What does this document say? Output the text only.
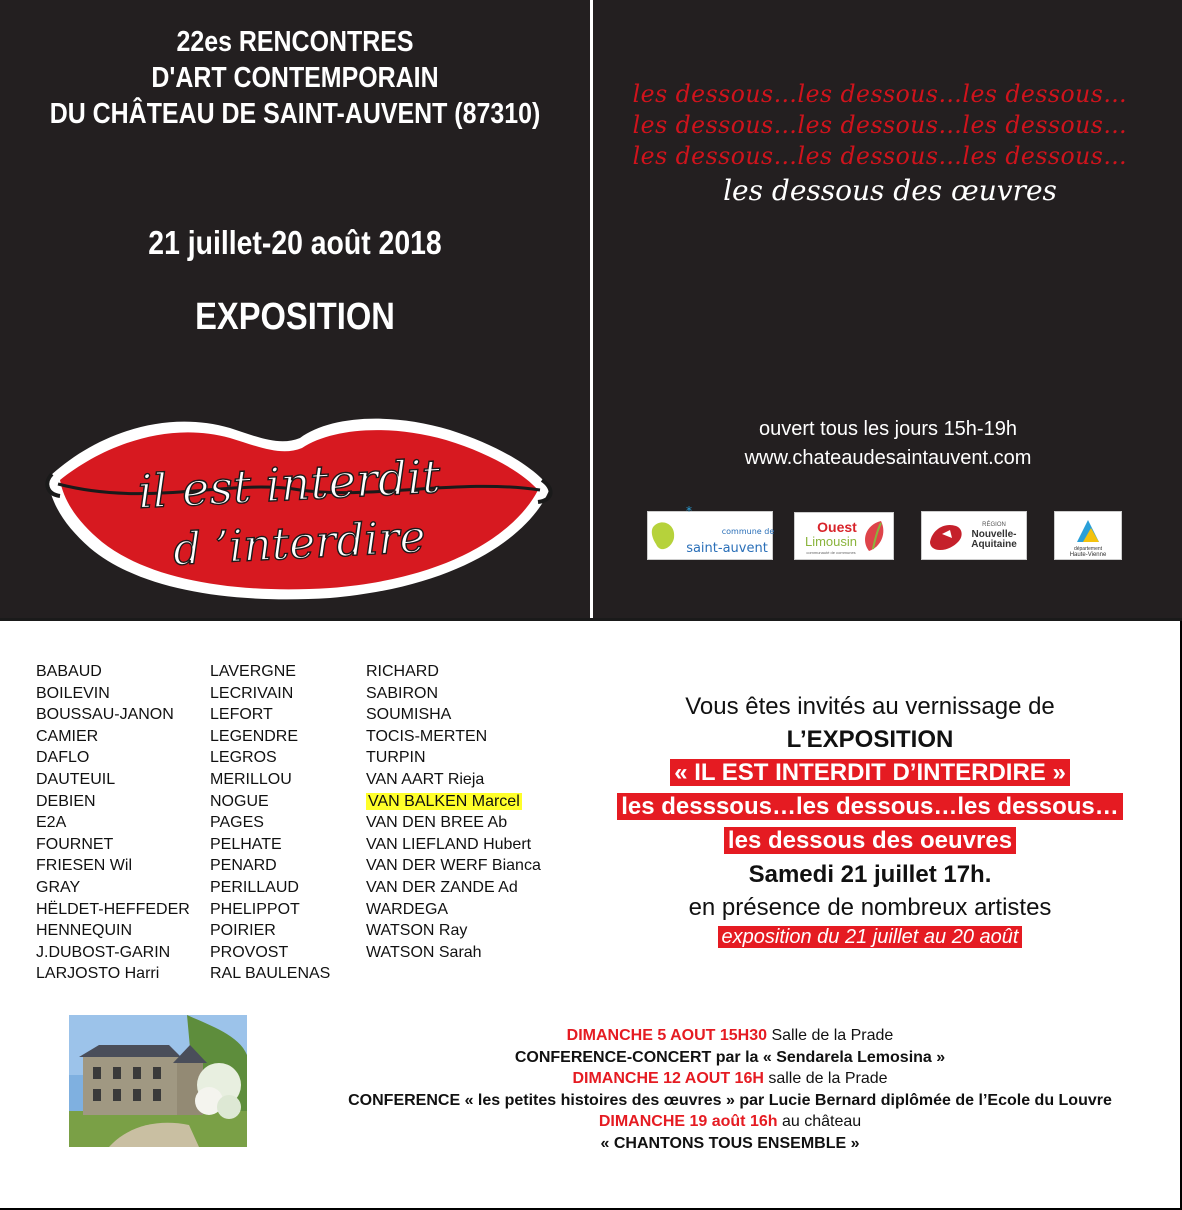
22es RENCONTRES
D'ART CONTEMPORAIN
DU CHÂTEAU DE SAINT-AUVENT (87310)
21 juillet-20 août 2018
EXPOSITION
il est interdit
d ’interdire
les dessous…les dessous…les dessous…
les dessous…les dessous…les dessous…
les dessous…les dessous…les dessous…
les dessous des œuvres
ouvert tous les jours 15h-19h
www.chateaudesaintauvent.com
*
commune de
saint-auvent
Ouest
Limousin
communauté de communes
RÉGION
Nouvelle-
Aquitaine	département
Haute-Vienne
BABAUD
BOILEVIN
BOUSSAU-JANON
CAMIER
DAFLO
DAUTEUIL
DEBIEN
E2A
FOURNET
FRIESEN Wil
GRAY
HËLDET-HEFFEDER
HENNEQUIN
J.DUBOST-GARIN
LARJOSTO Harri
LAVERGNE
LECRIVAIN
LEFORT
LEGENDRE
LEGROS
MERILLOU
NOGUE
PAGES
PELHATE
PENARD
PERILLAUD
PHELIPPOT
POIRIER
PROVOST
RAL BAULENAS
RICHARD
SABIRON
SOUMISHA
TOCIS-MERTEN
TURPIN
VAN AART Rieja
VAN BALKEN Marcel
VAN DEN BREE Ab
VAN LIEFLAND Hubert
VAN DER WERF Bianca
VAN DER ZANDE Ad
WARDEGA
WATSON Ray
WATSON Sarah
Vous êtes invités au vernissage de
L’EXPOSITION
« IL EST INTERDIT D’INTERDIRE »
les desssous…les dessous…les dessous…
les dessous des oeuvres
Samedi 21 juillet 17h.
en présence de nombreux artistes
exposition du 21 juillet au 20 août
DIMANCHE 5 AOUT 15H30 Salle de la Prade
CONFERENCE-CONCERT par la « Sendarela Lemosina »
DIMANCHE 12 AOUT 16H salle de la Prade
CONFERENCE « les petites histoires des œuvres » par Lucie Bernard diplômée de l’Ecole du Louvre
DIMANCHE 19 août 16h au château
« CHANTONS TOUS ENSEMBLE »
